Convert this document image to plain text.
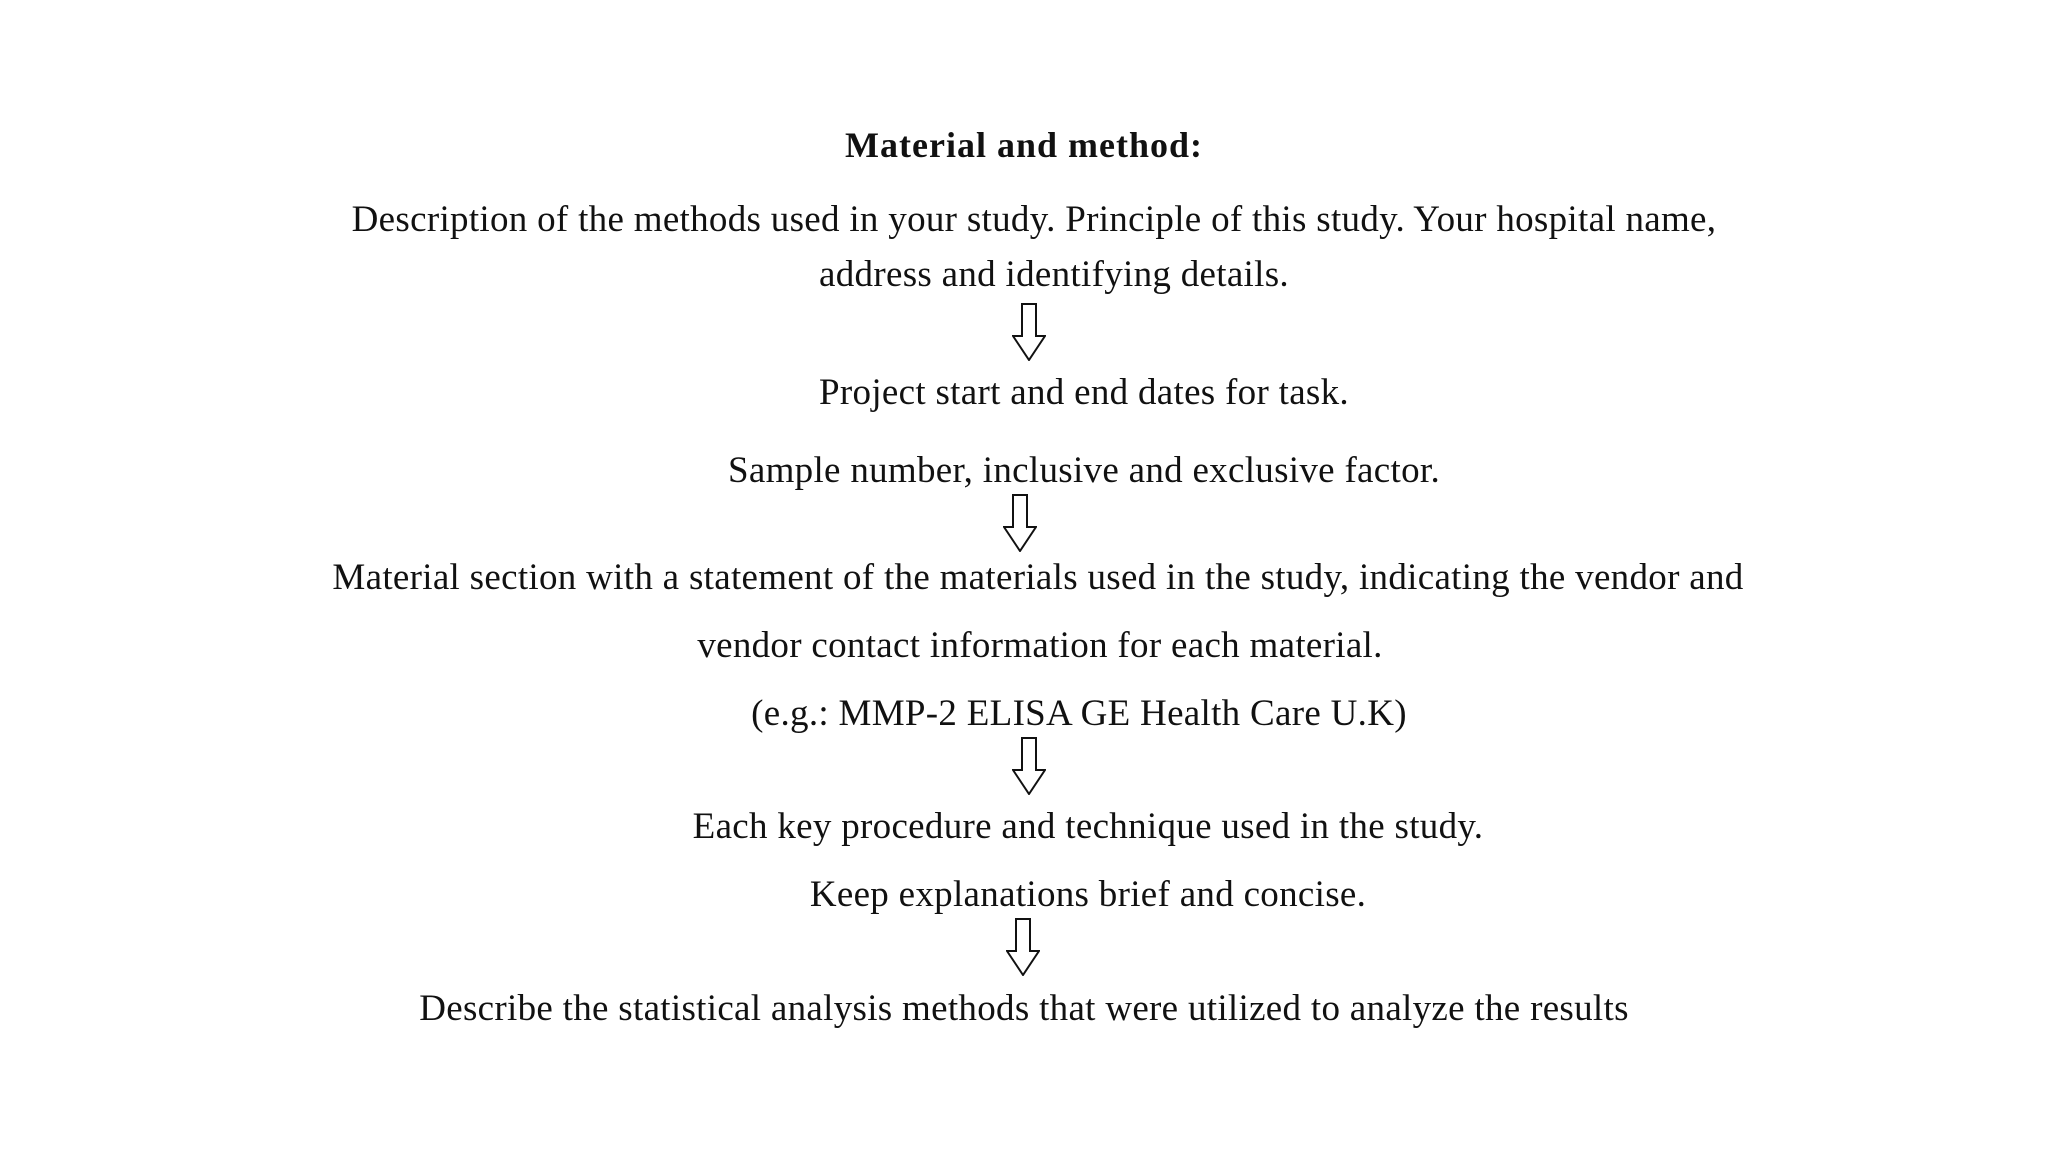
Material and method:
Description of the methods used in your study. Principle of this study. Your hospital name,
address and identifying details.
Project start and end dates for task.
Sample number, inclusive and exclusive factor.
Material section with a statement of the materials used in the study, indicating the vendor and
vendor contact information for each material.
(e.g.: MMP-2 ELISA GE Health Care U.K)
Each key procedure and technique used in the study.
Keep explanations brief and concise.
Describe the statistical analysis methods that were utilized to analyze the results
